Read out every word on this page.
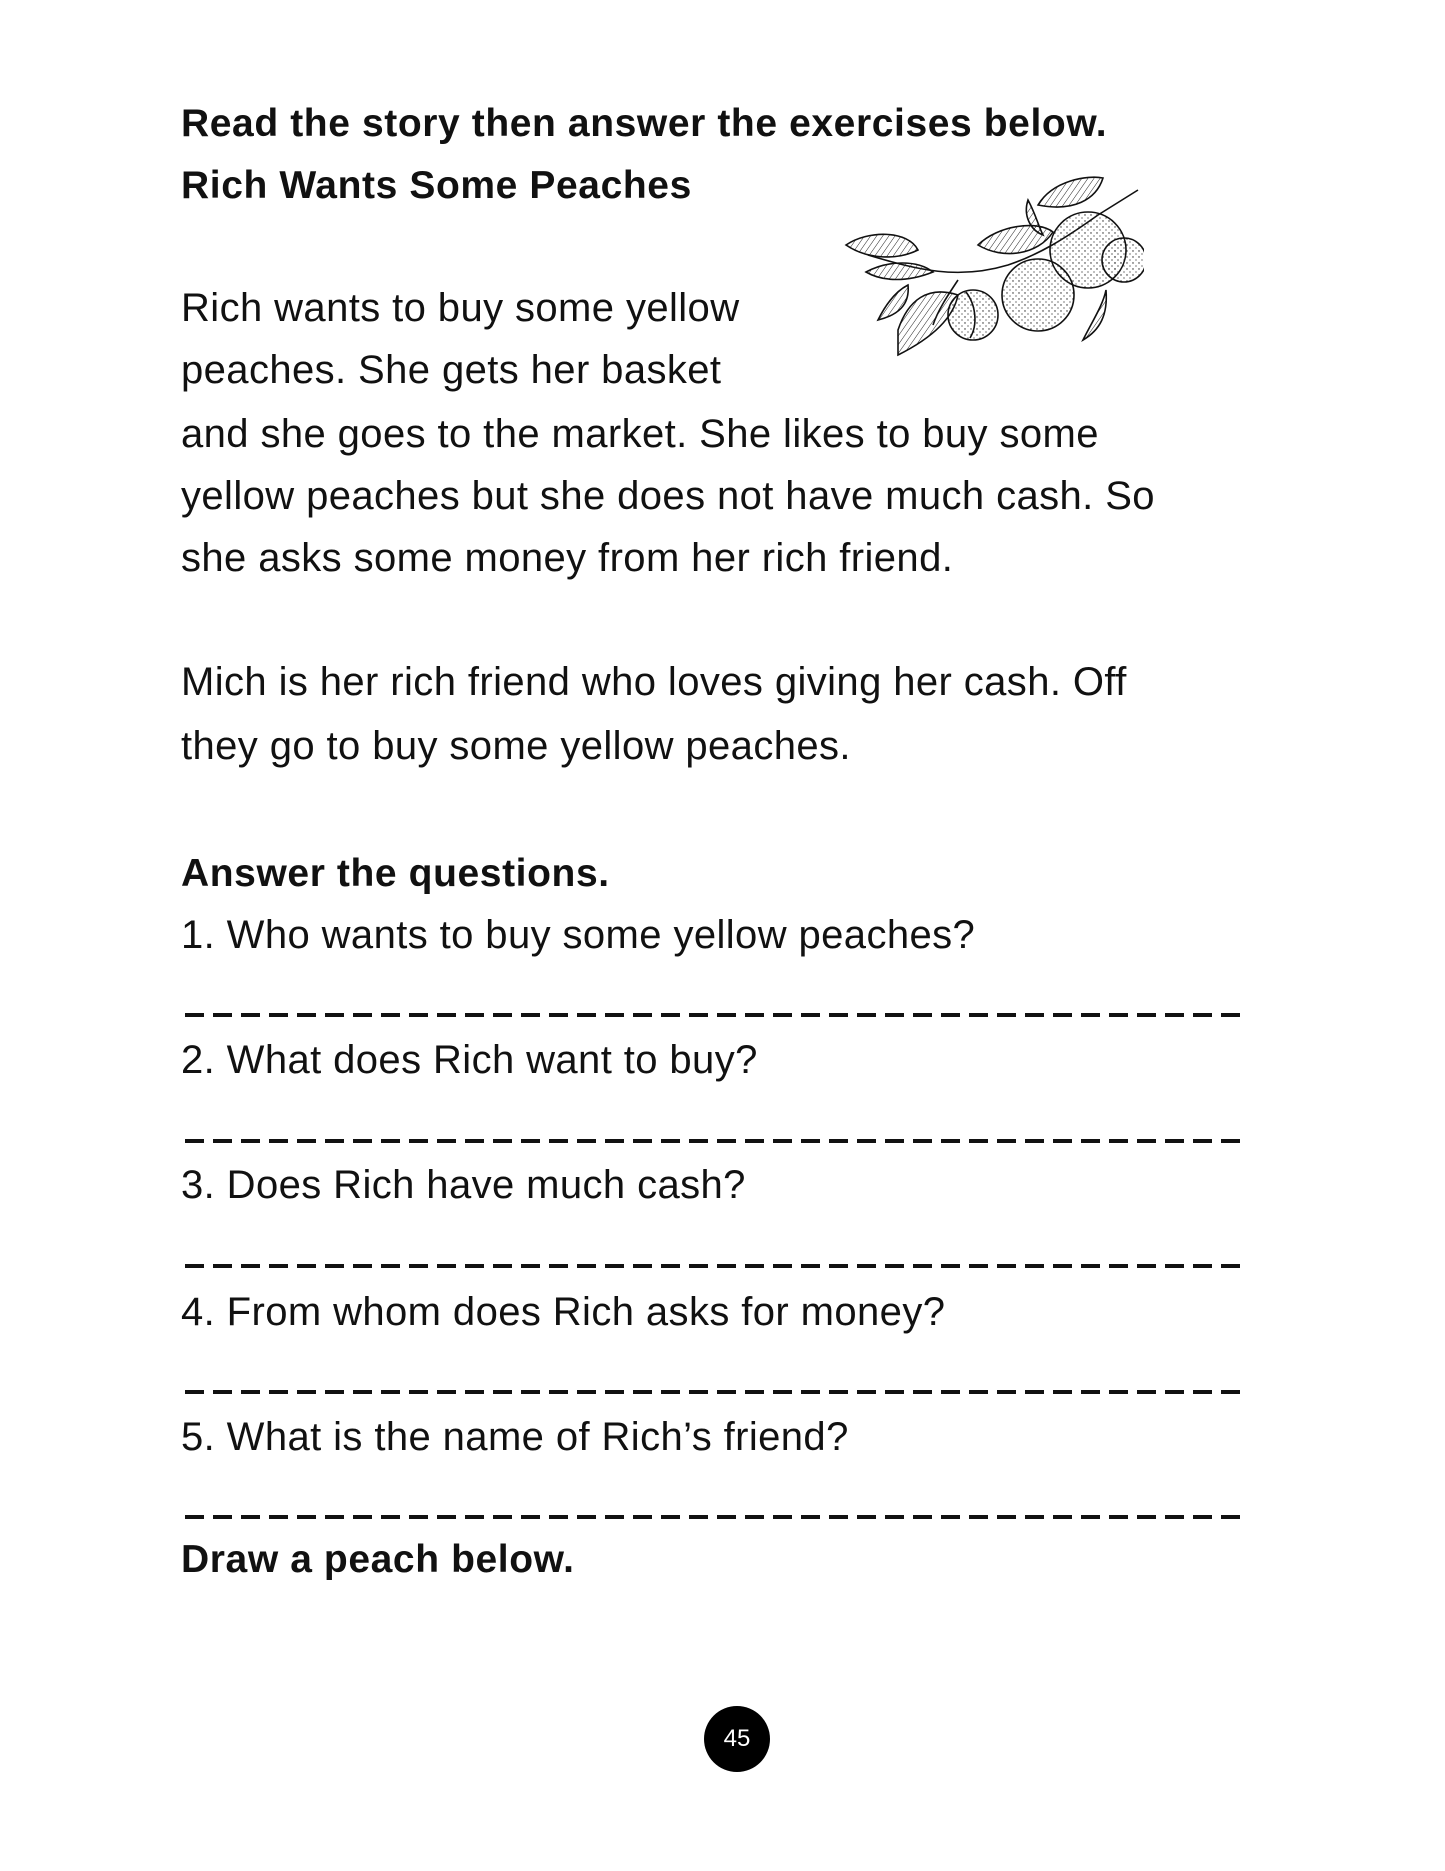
Read the story then answer the exercises below.
Rich Wants Some Peaches
Rich wants to buy some yellow
peaches. She gets her basket
and she goes to the market. She likes to buy some
yellow peaches but she does not have much cash. So
she asks some money from her rich friend.
Mich is her rich friend who loves giving her cash. Off
they go to buy some yellow peaches.
Answer the questions.
1. Who wants to buy some yellow peaches?
2. What does Rich want to buy?
3. Does Rich have much cash?
4. From whom does Rich asks for money?
5. What is the name of Rich’s friend?
Draw a peach below.
45
